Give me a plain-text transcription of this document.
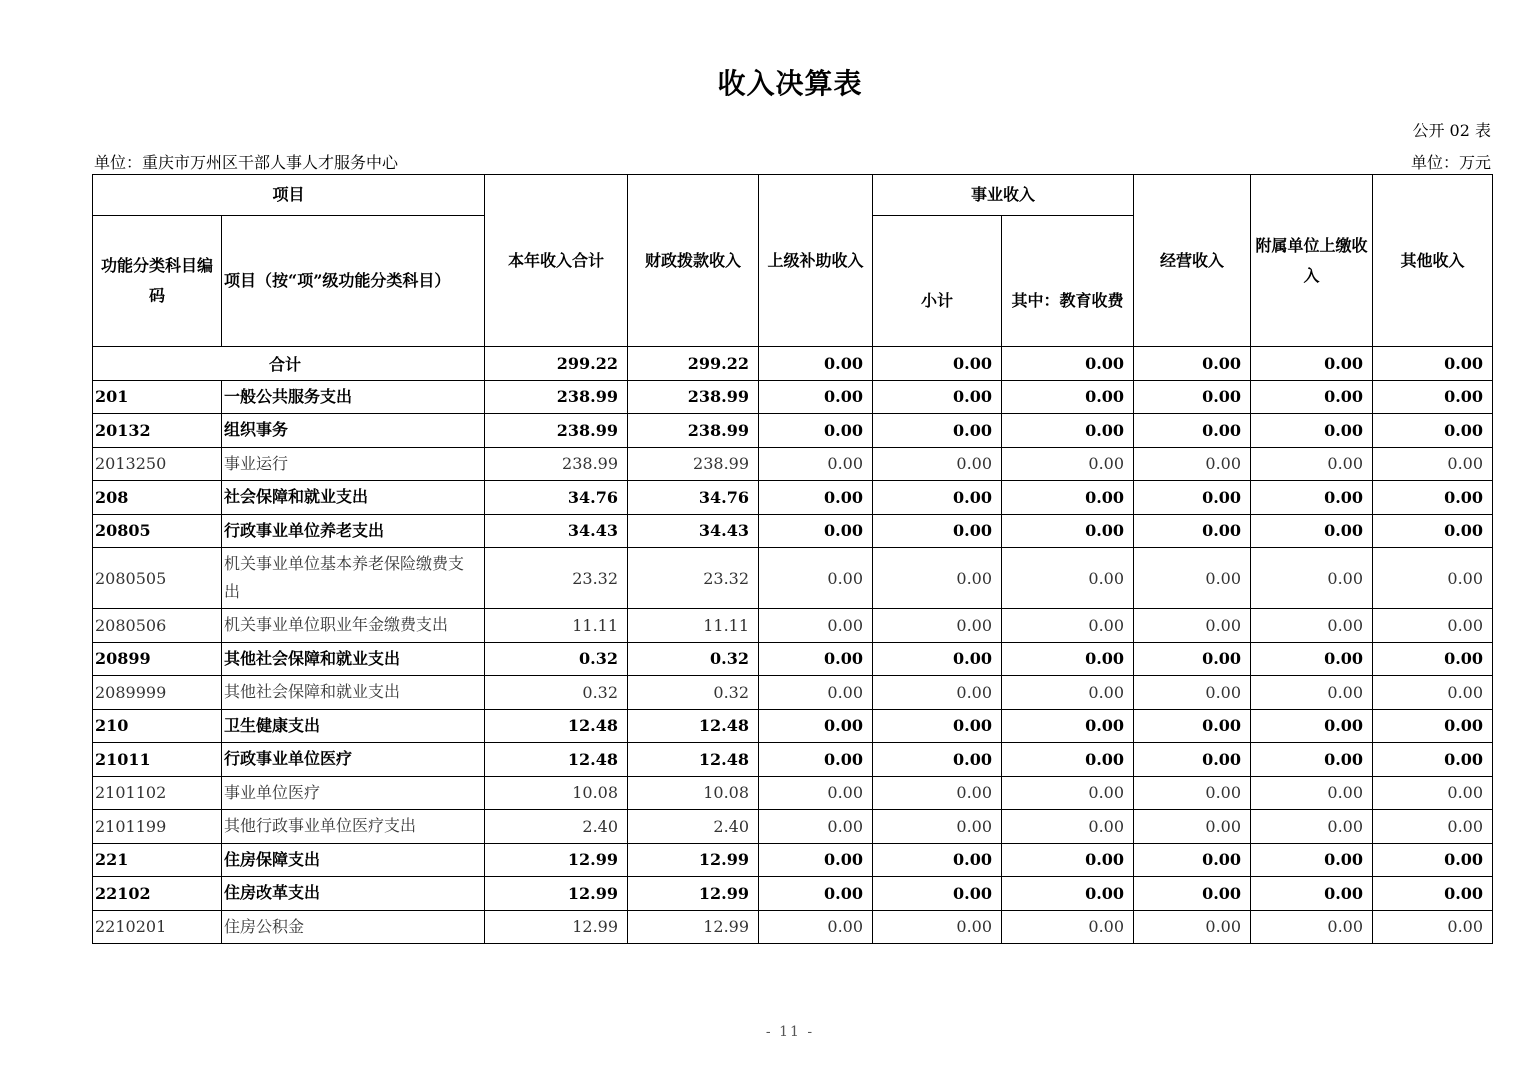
收入决算表
公开 02 表
单位：重庆市万州区干部人事人才服务中心	单位：万元
项目		本年收入合计	财政拨款收入	上级补助收入	事业收入		经营收入	附属单位上缴收入	其他收入
功能分类科目编码	项目（按“项”级功能分类科目）				小计	其中：教育收费			
合计		299.22	299.22	0.00	0.00	0.00	0.00	0.00	0.00
201	一般公共服务支出	238.99	238.99	0.00	0.00	0.00	0.00	0.00	0.00
20132	组织事务	238.99	238.99	0.00	0.00	0.00	0.00	0.00	0.00
2013250	事业运行	238.99	238.99	0.00	0.00	0.00	0.00	0.00	0.00
208	社会保障和就业支出	34.76	34.76	0.00	0.00	0.00	0.00	0.00	0.00
20805	行政事业单位养老支出	34.43	34.43	0.00	0.00	0.00	0.00	0.00	0.00
2080505	机关事业单位基本养老保险缴费支出	23.32	23.32	0.00	0.00	0.00	0.00	0.00	0.00
2080506	机关事业单位职业年金缴费支出	11.11	11.11	0.00	0.00	0.00	0.00	0.00	0.00
20899	其他社会保障和就业支出	0.32	0.32	0.00	0.00	0.00	0.00	0.00	0.00
2089999	其他社会保障和就业支出	0.32	0.32	0.00	0.00	0.00	0.00	0.00	0.00
210	卫生健康支出	12.48	12.48	0.00	0.00	0.00	0.00	0.00	0.00
21011	行政事业单位医疗	12.48	12.48	0.00	0.00	0.00	0.00	0.00	0.00
2101102	事业单位医疗	10.08	10.08	0.00	0.00	0.00	0.00	0.00	0.00
2101199	其他行政事业单位医疗支出	2.40	2.40	0.00	0.00	0.00	0.00	0.00	0.00
221	住房保障支出	12.99	12.99	0.00	0.00	0.00	0.00	0.00	0.00
22102	住房改革支出	12.99	12.99	0.00	0.00	0.00	0.00	0.00	0.00
2210201	住房公积金	12.99	12.99	0.00	0.00	0.00	0.00	0.00	0.00
- 11 -
